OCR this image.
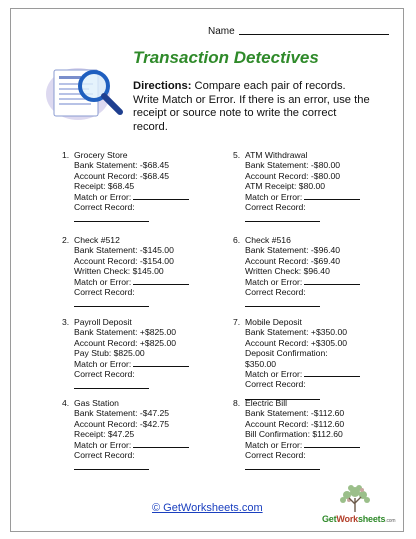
Name
Transaction Detectives
Directions: Compare each pair of records. Write Match or Error. If there is an error, use the receipt or source note to write the correct record.
1. Grocery Store
Bank Statement: -$68.45
Account Record: -$68.45
Receipt: $68.45
Match or Error:
Correct Record:
2. Check #512
Bank Statement: -$145.00
Account Record: -$154.00
Written Check: $145.00
Match or Error:
Correct Record:
3. Payroll Deposit
Bank Statement: +$825.00
Account Record: +$825.00
Pay Stub: $825.00
Match or Error:
Correct Record:
4. Gas Station
Bank Statement: -$47.25
Account Record: -$42.75
Receipt: $47.25
Match or Error:
Correct Record:
5. ATM Withdrawal
Bank Statement: -$80.00
Account Record: -$80.00
ATM Receipt: $80.00
Match or Error:
Correct Record:
6. Check #516
Bank Statement: -$96.40
Account Record: -$69.40
Written Check: $96.40
Match or Error:
Correct Record:
7. Mobile Deposit
Bank Statement: +$350.00
Account Record: +$305.00
Deposit Confirmation:
$350.00
Match or Error:
Correct Record:
8. Electric Bill
Bank Statement: -$112.60
Account Record: -$112.60
Bill Confirmation: $112.60
Match or Error:
Correct Record:
© GetWorksheets.com
GetWorksheets.com
